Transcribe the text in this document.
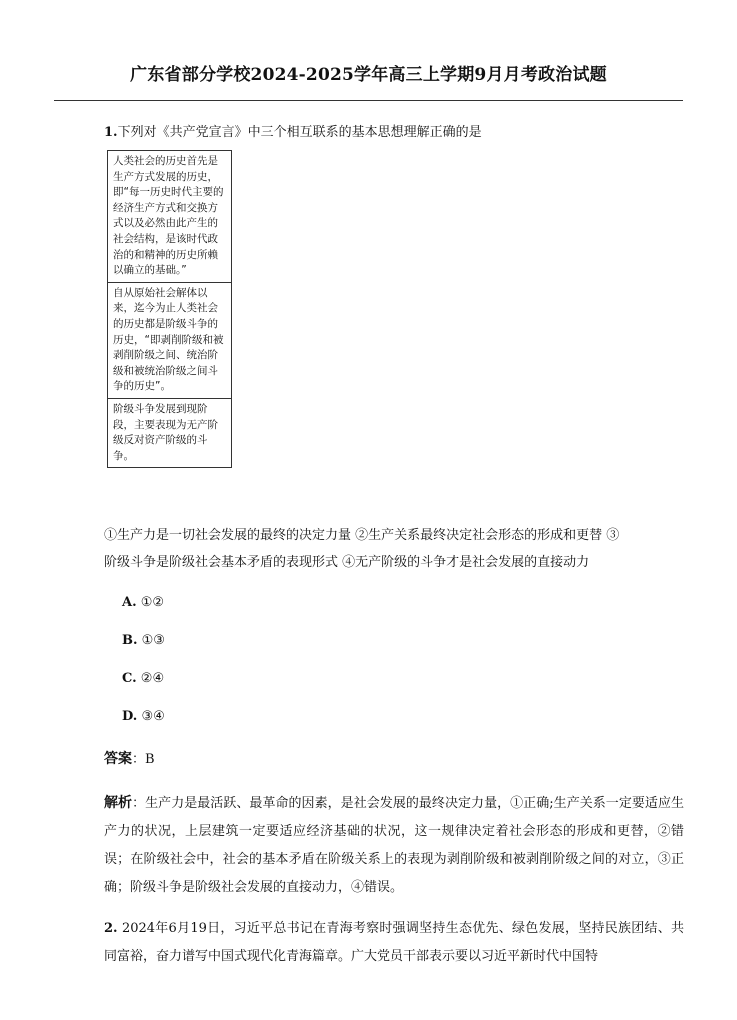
广东省部分学校2024-2025学年高三上学期9月月考政治试题
1.下列对《共产党宣言》中三个相互联系的基本思想理解正确的是
人类社会的历史首先是生产方式发展的历史，即“每一历史时代主要的经济生产方式和交换方式以及必然由此产生的社会结构，是该时代政治的和精神的历史所赖以确立的基础。”
自从原始社会解体以来，迄今为止人类社会的历史都是阶级斗争的历史，“即剥削阶级和被剥削阶级之间、统治阶级和被统治阶级之间斗争的历史”。
阶级斗争发展到现阶段，主要表现为无产阶级反对资产阶级的斗争。
①生产力是一切社会发展的最终的决定力量 ②生产关系最终决定社会形态的形成和更替 ③
阶级斗争是阶级社会基本矛盾的表现形式 ④无产阶级的斗争才是社会发展的直接动力
A. ①②
B. ①③
C. ②④
D. ③④
答案：B
解析：生产力是最活跃、最革命的因素，是社会发展的最终决定力量，①正确;生产关系一定要适应生产力的状况，上层建筑一定要适应经济基础的状况，这一规律决定着社会形态的形成和更替，②错误；在阶级社会中，社会的基本矛盾在阶级关系上的表现为剥削阶级和被剥削阶级之间的对立，③正确；阶级斗争是阶级社会发展的直接动力，④错误。
2. 2024年6月19日，习近平总书记在青海考察时强调坚持生态优先、绿色发展，坚持民族团结、共同富裕，奋力谱写中国式现代化青海篇章。广大党员干部表示要以习近平新时代中国特
